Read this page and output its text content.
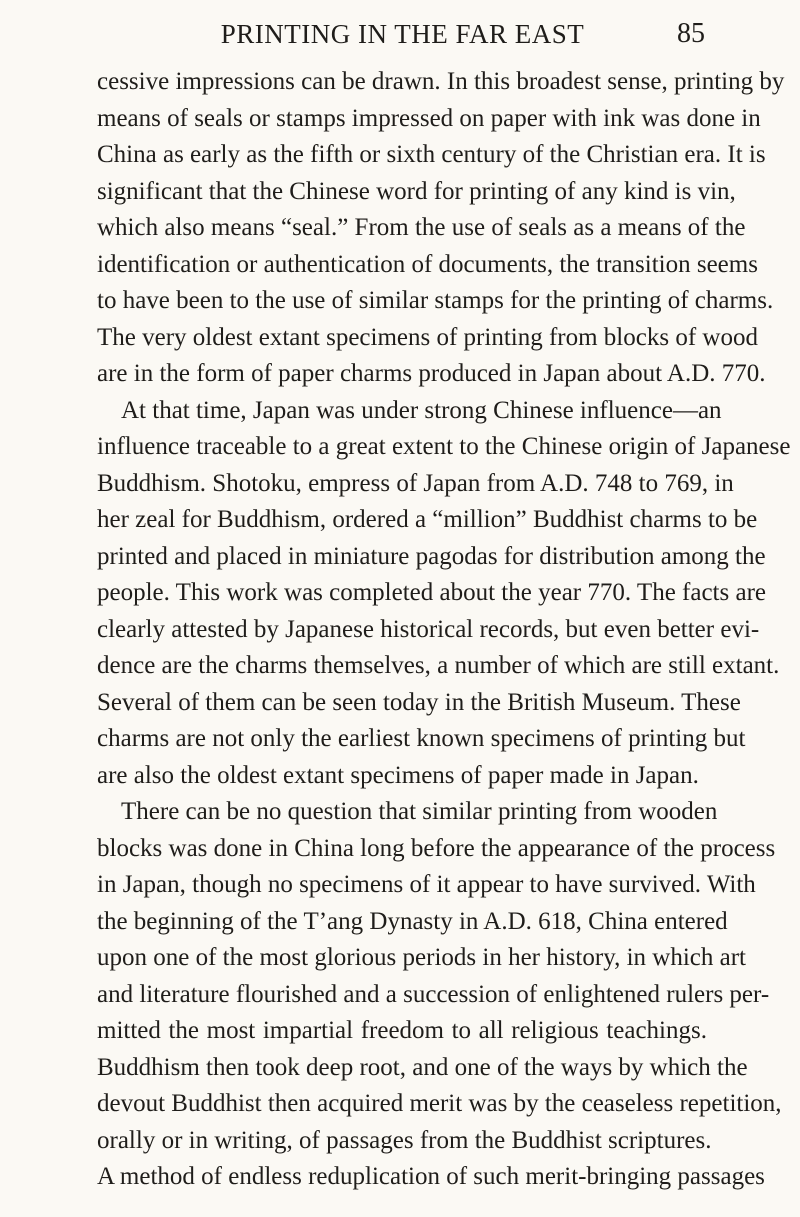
PRINTING IN THE FAR EAST	85
cessive impressions can be drawn. In this broadest sense, printing by
means of seals or stamps impressed on paper with ink was done in
China as early as the fifth or sixth century of the Christian era. It is
significant that the Chinese word for printing of any kind is vin,
which also means “seal.” From the use of seals as a means of the
identification or authentication of documents, the transition seems
to have been to the use of similar stamps for the printing of charms.
The very oldest extant specimens of printing from blocks of wood
are in the form of paper charms produced in Japan about A.D. 770.
At that time, Japan was under strong Chinese influence—an
influence traceable to a great extent to the Chinese origin of Japanese
Buddhism. Shotoku, empress of Japan from A.D. 748 to 769, in
her zeal for Buddhism, ordered a “million” Buddhist charms to be
printed and placed in miniature pagodas for distribution among the
people. This work was completed about the year 770. The facts are
clearly attested by Japanese historical records, but even better evi-
dence are the charms themselves, a number of which are still extant.
Several of them can be seen today in the British Museum. These
charms are not only the earliest known specimens of printing but
are also the oldest extant specimens of paper made in Japan.
There can be no question that similar printing from wooden
blocks was done in China long before the appearance of the process
in Japan, though no specimens of it appear to have survived. With
the beginning of the T’ang Dynasty in A.D. 618, China entered
upon one of the most glorious periods in her history, in which art
and literature flourished and a succession of enlightened rulers per-
mitted the most impartial freedom to all religious teachings.
Buddhism then took deep root, and one of the ways by which the
devout Buddhist then acquired merit was by the ceaseless repetition,
orally or in writing, of passages from the Buddhist scriptures.
A method of endless reduplication of such merit-bringing passages
